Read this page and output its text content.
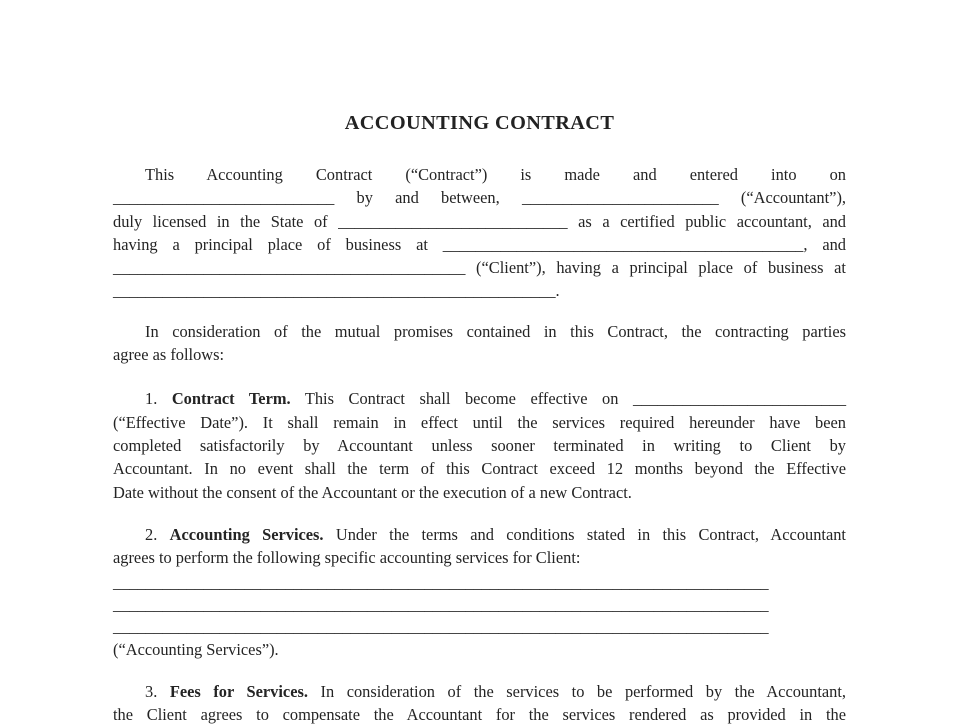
ACCOUNTING CONTRACT
This Accounting Contract (“Contract”) is made and entered into on
___________________________ by and between, ________________________ (“Accountant”),
duly licensed in the State of ____________________________ as a certified public accountant, and
having a principal place of business at ____________________________________________, and
___________________________________________ (“Client”), having a principal place of business at
______________________________________________________.
In consideration of the mutual promises contained in this Contract, the contracting parties
agree as follows:
1. Contract Term. This Contract shall become effective on __________________________
(“Effective Date”). It shall remain in effect until the services required hereunder have been
completed satisfactorily by Accountant unless sooner terminated in writing to Client by
Accountant. In no event shall the term of this Contract exceed 12 months beyond the Effective
Date without the consent of the Accountant or the execution of a new Contract.
2. Accounting Services. Under the terms and conditions stated in this Contract, Accountant
agrees to perform the following specific accounting services for Client:
________________________________________________________________________________
________________________________________________________________________________
________________________________________________________________________________
(“Accounting Services”).
3. Fees for Services. In consideration of the services to be performed by the Accountant,
the Client agrees to compensate the Accountant for the services rendered as provided in the
